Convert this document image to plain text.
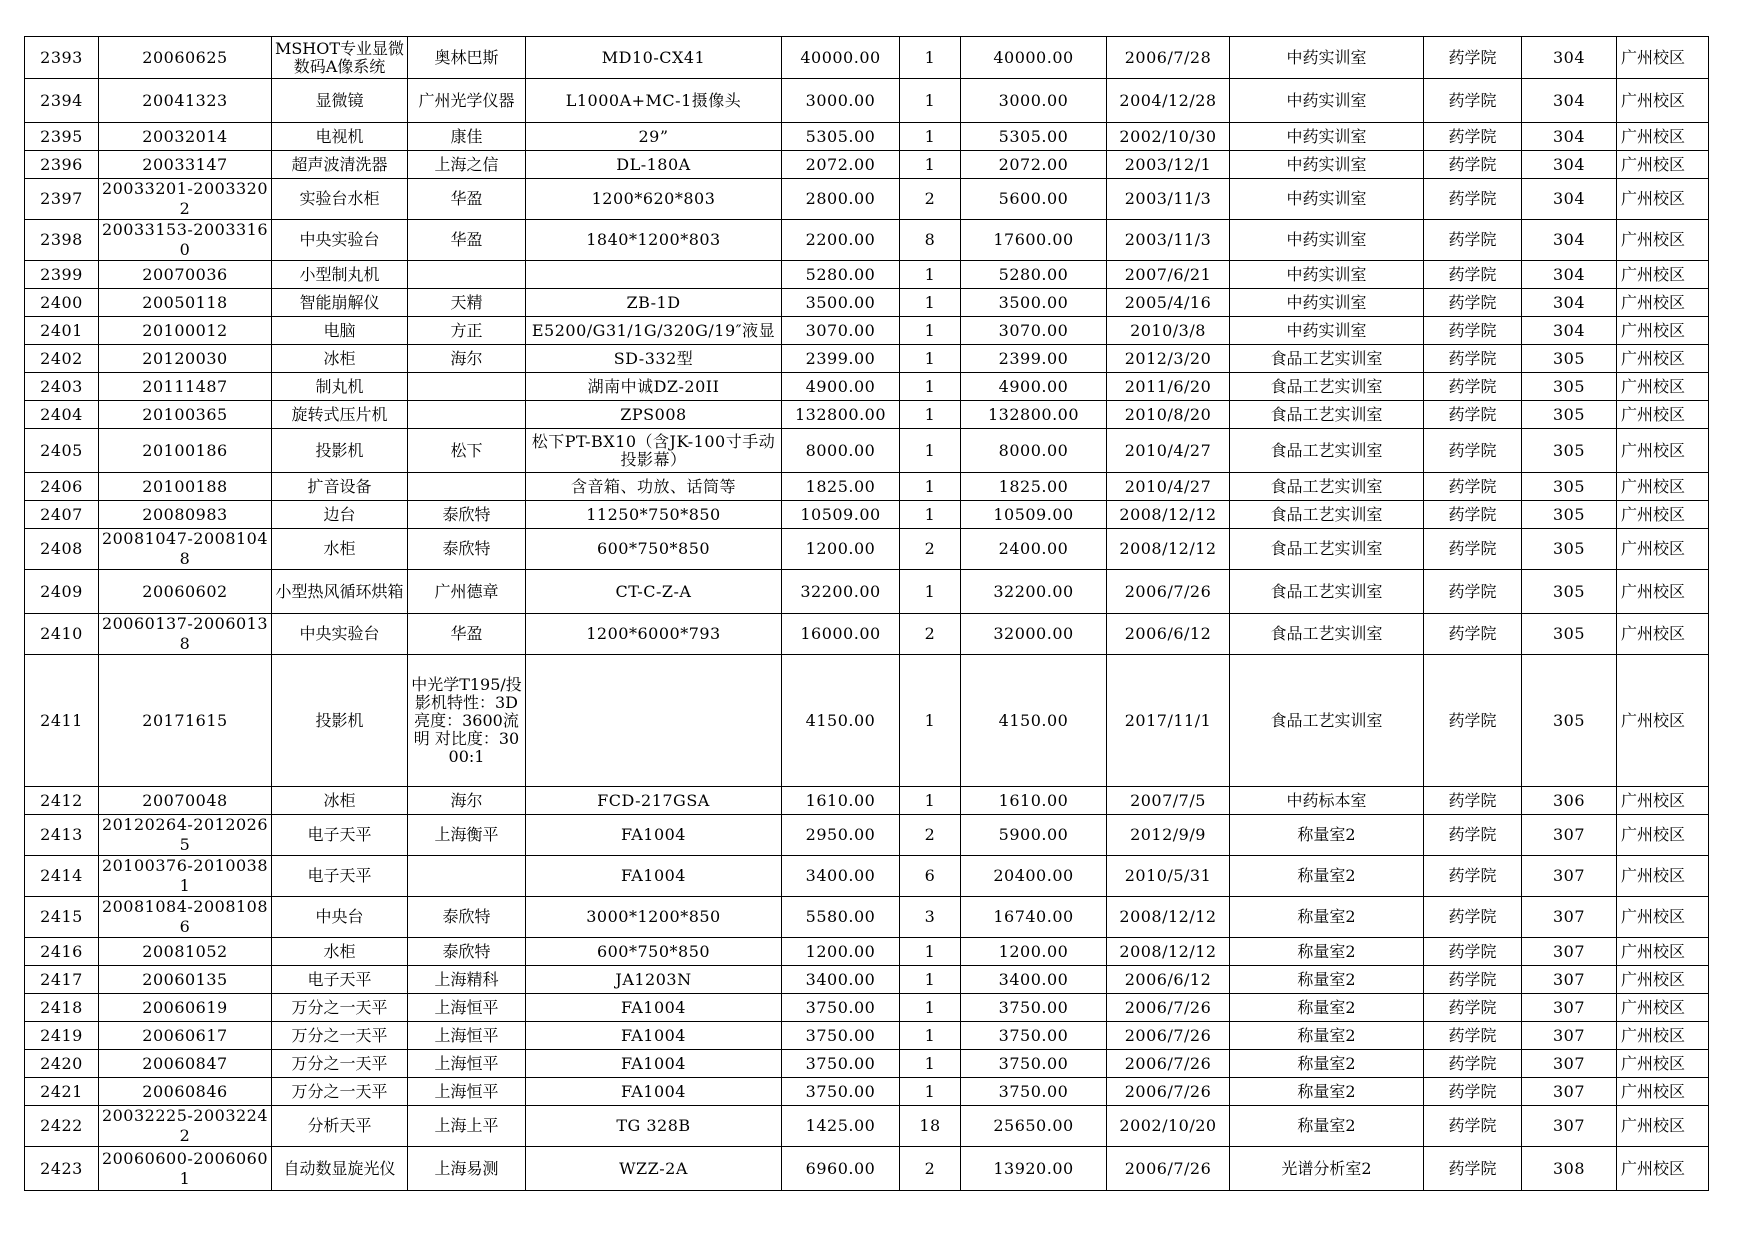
2393	20060625	MSHOT专业显微数码A像系统	奥林巴斯	MD10-CX41	40000.00	1	40000.00	2006/7/28	中药实训室	药学院	304	广州校区
2394	20041323	显微镜	广州光学仪器	L1000A+MC-1摄像头	3000.00	1	3000.00	2004/12/28	中药实训室	药学院	304	广州校区
2395	20032014	电视机	康佳	29”	5305.00	1	5305.00	2002/10/30	中药实训室	药学院	304	广州校区
2396	20033147	超声波清洗器	上海之信	DL-180A	2072.00	1	2072.00	2003/12/1	中药实训室	药学院	304	广州校区
2397	20033201-20033202	实验台水柜	华盈	1200*620*803	2800.00	2	5600.00	2003/11/3	中药实训室	药学院	304	广州校区
2398	20033153-20033160	中央实验台	华盈	1840*1200*803	2200.00	8	17600.00	2003/11/3	中药实训室	药学院	304	广州校区
2399	20070036	小型制丸机			5280.00	1	5280.00	2007/6/21	中药实训室	药学院	304	广州校区
2400	20050118	智能崩解仪	天精	ZB-1D	3500.00	1	3500.00	2005/4/16	中药实训室	药学院	304	广州校区
2401	20100012	电脑	方正	E5200/G31/1G/320G/19″液显	3070.00	1	3070.00	2010/3/8	中药实训室	药学院	304	广州校区
2402	20120030	冰柜	海尔	SD-332型	2399.00	1	2399.00	2012/3/20	食品工艺实训室	药学院	305	广州校区
2403	20111487	制丸机		湖南中诚DZ-20II	4900.00	1	4900.00	2011/6/20	食品工艺实训室	药学院	305	广州校区
2404	20100365	旋转式压片机		ZPS008	132800.00	1	132800.00	2010/8/20	食品工艺实训室	药学院	305	广州校区
2405	20100186	投影机	松下	松下PT-BX10（含JK-100寸手动投影幕）	8000.00	1	8000.00	2010/4/27	食品工艺实训室	药学院	305	广州校区
2406	20100188	扩音设备		含音箱、功放、话筒等	1825.00	1	1825.00	2010/4/27	食品工艺实训室	药学院	305	广州校区
2407	20080983	边台	泰欣特	11250*750*850	10509.00	1	10509.00	2008/12/12	食品工艺实训室	药学院	305	广州校区
2408	20081047-20081048	水柜	泰欣特	600*750*850	1200.00	2	2400.00	2008/12/12	食品工艺实训室	药学院	305	广州校区
2409	20060602	小型热风循环烘箱	广州德章	CT-C-Z-A	32200.00	1	32200.00	2006/7/26	食品工艺实训室	药学院	305	广州校区
2410	20060137-20060138	中央实验台	华盈	1200*6000*793	16000.00	2	32000.00	2006/6/12	食品工艺实训室	药学院	305	广州校区
2411	20171615	投影机	中光学T195/投影机特性：3D 亮度：3600流明 对比度：3000:1		4150.00	1	4150.00	2017/11/1	食品工艺实训室	药学院	305	广州校区
2412	20070048	冰柜	海尔	FCD-217GSA	1610.00	1	1610.00	2007/7/5	中药标本室	药学院	306	广州校区
2413	20120264-20120265	电子天平	上海衡平	FA1004	2950.00	2	5900.00	2012/9/9	称量室2	药学院	307	广州校区
2414	20100376-20100381	电子天平		FA1004	3400.00	6	20400.00	2010/5/31	称量室2	药学院	307	广州校区
2415	20081084-20081086	中央台	泰欣特	3000*1200*850	5580.00	3	16740.00	2008/12/12	称量室2	药学院	307	广州校区
2416	20081052	水柜	泰欣特	600*750*850	1200.00	1	1200.00	2008/12/12	称量室2	药学院	307	广州校区
2417	20060135	电子天平	上海精科	JA1203N	3400.00	1	3400.00	2006/6/12	称量室2	药学院	307	广州校区
2418	20060619	万分之一天平	上海恒平	FA1004	3750.00	1	3750.00	2006/7/26	称量室2	药学院	307	广州校区
2419	20060617	万分之一天平	上海恒平	FA1004	3750.00	1	3750.00	2006/7/26	称量室2	药学院	307	广州校区
2420	20060847	万分之一天平	上海恒平	FA1004	3750.00	1	3750.00	2006/7/26	称量室2	药学院	307	广州校区
2421	20060846	万分之一天平	上海恒平	FA1004	3750.00	1	3750.00	2006/7/26	称量室2	药学院	307	广州校区
2422	20032225-20032242	分析天平	上海上平	TG 328B	1425.00	18	25650.00	2002/10/20	称量室2	药学院	307	广州校区
2423	20060600-20060601	自动数显旋光仪	上海易测	WZZ-2A	6960.00	2	13920.00	2006/7/26	光谱分析室2	药学院	308	广州校区
